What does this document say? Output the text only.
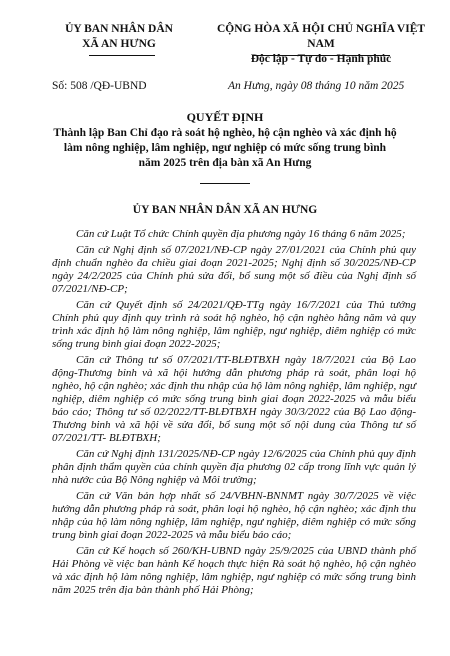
ỦY BAN NHÂN DÂN
XÃ AN HƯNG
CỘNG HÒA XÃ HỘI CHỦ NGHĨA VIỆT NAM
Độc lập - Tự do - Hạnh phúc
Số: 508 /QĐ-UBND	An Hưng, ngày 08 tháng 10 năm 2025
QUYẾT ĐỊNH
Thành lập Ban Chỉ đạo rà soát hộ nghèo, hộ cận nghèo và xác định hộ làm nông nghiệp, lâm nghiệp, ngư nghiệp có mức sống trung bình năm 2025 trên địa bàn xã An Hưng
ỦY BAN NHÂN DÂN XÃ AN HƯNG

Căn cứ Luật Tổ chức Chính quyền địa phương ngày 16 tháng 6 năm 2025;

Căn cứ Nghị định số 07/2021/NĐ-CP ngày 27/01/2021 của Chính phủ quy định chuẩn nghèo đa chiều giai đoạn 2021-2025; Nghị định số 30/2025/NĐ-CP ngày 24/2/2025 của Chính phủ sửa đổi, bổ sung một số điều của Nghị định số 07/2021/NĐ-CP;

Căn cứ Quyết định số 24/2021/QĐ-TTg ngày 16/7/2021 của Thủ tướng Chính phủ quy định quy trình rà soát hộ nghèo, hộ cận nghèo hằng năm và quy trình xác định hộ làm nông nghiệp, lâm nghiệp, ngư nghiệp, diêm nghiệp có mức sống trung bình giai đoạn 2022-2025;

Căn cứ Thông tư số 07/2021/TT-BLĐTBXH ngày 18/7/2021 của Bộ Lao động-Thương binh và xã hội hướng dẫn phương pháp rà soát, phân loại hộ nghèo, hộ cận nghèo; xác định thu nhập của hộ làm nông nghiệp, lâm nghiệp, ngư nghiệp, diêm nghiệp có mức sống trung bình giai đoạn 2022-2025 và mẫu biểu báo cáo; Thông tư số 02/2022/TT-BLĐTBXH ngày 30/3/2022 của Bộ Lao động-Thương binh và xã hội về sửa đổi, bổ sung một số nội dung của Thông tư số 07/2021/TT- BLĐTBXH;

Căn cứ Nghị định 131/2025/NĐ-CP ngày 12/6/2025 của Chính phủ quy định phân định thẩm quyền của chính quyền địa phương 02 cấp trong lĩnh vực quản lý nhà nước của Bộ Nông nghiệp và Môi trường;

Căn cứ Văn bản hợp nhất số 24/VBHN-BNNMT ngày 30/7/2025 về việc hướng dẫn phương pháp rà soát, phân loại hộ nghèo, hộ cận nghèo; xác định thu nhập của hộ làm nông nghiệp, lâm nghiệp, ngư nghiệp, diêm nghiệp có mức sống trung bình giai đoạn 2022-2025 và mẫu biểu báo cáo;

Căn cứ Kế hoạch số 260/KH-UBND ngày 25/9/2025 của UBND thành phố Hải Phòng về việc ban hành Kế hoạch thực hiện Rà soát hộ nghèo, hộ cận nghèo và xác định hộ làm nông nghiệp, lâm nghiệp, ngư nghiệp có mức sống trung bình năm 2025 trên địa bàn thành phố Hải Phòng;
